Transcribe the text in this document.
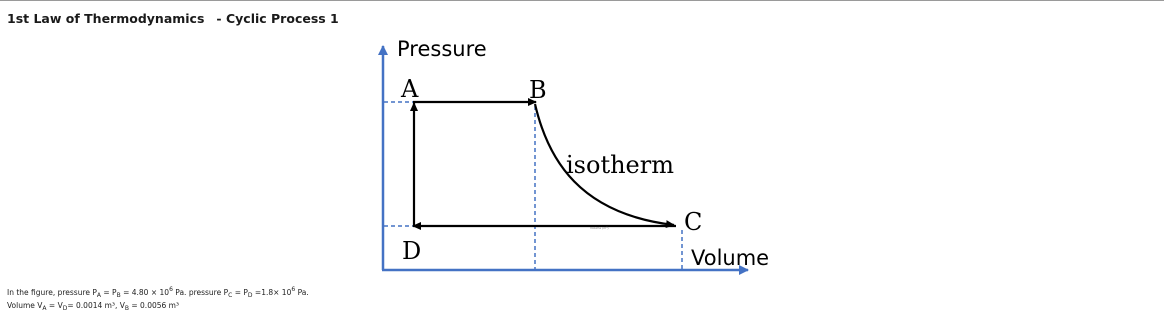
1st Law of Thermodynamics - Cyclic Process 1
Pressure
Volume
A	B
C
D
isotherm
Volume (m³)
In the figure, pressure $P_A = P_B = 4.80 \times 10^6$ Pa. pressure $P_C = P_D =1.8\times 10^6$ Pa.
Volume $V_A = V_D= 0.0014$ m³, $V_B = 0.0056$ m³
